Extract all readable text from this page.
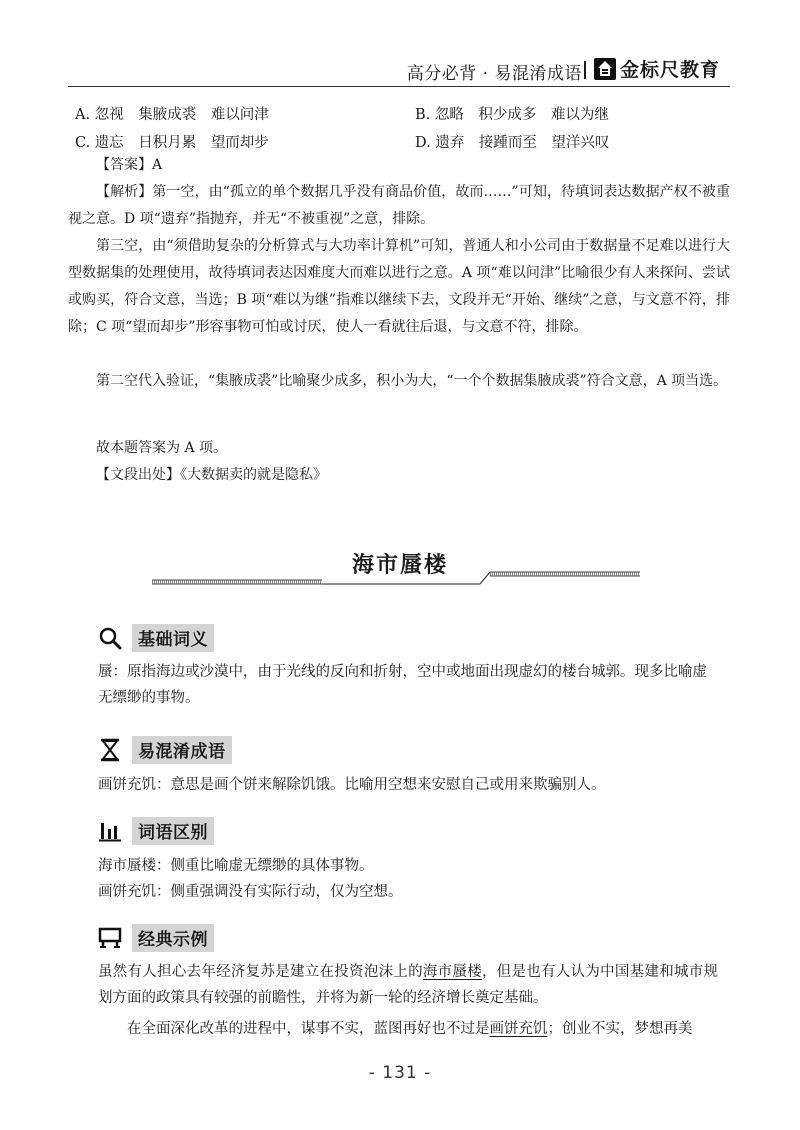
高分必背 · 易混淆成语 金标尺教育
A. 忽视　集腋成裘　难以问津	B. 忽略　积少成多　难以为继
C. 遗忘　日积月累　望而却步	D. 遗弃　接踵而至　望洋兴叹
【答案】A
【解析】第一空，由“孤立的单个数据几乎没有商品价值，故而……”可知，待填词表达数据产权不被重视之意。D 项“遗弃”指抛弃，并无“不被重视”之意，排除。
第三空，由“须借助复杂的分析算式与大功率计算机”可知，普通人和小公司由于数据量不足难以进行大型数据集的处理使用，故待填词表达因难度大而难以进行之意。A 项“难以问津”比喻很少有人来探问、尝试或购买，符合文意，当选；B 项“难以为继”指难以继续下去，文段并无“开始、继续”之意，与文意不符，排除；C 项“望而却步”形容事物可怕或讨厌，使人一看就往后退，与文意不符，排除。
第二空代入验证，“集腋成裘”比喻聚少成多，积小为大，“一个个数据集腋成裘”符合文意，A 项当选。
故本题答案为 A 项。
【文段出处】《大数据卖的就是隐私》
海市蜃楼
基础词义
蜃：原指海边或沙漠中，由于光线的反向和折射，空中或地面出现虚幻的楼台城郭。现多比喻虚无缥缈的事物。
易混淆成语
画饼充饥：意思是画个饼来解除饥饿。比喻用空想来安慰自己或用来欺骗别人。
词语区别
海市蜃楼：侧重比喻虚无缥缈的具体事物。
画饼充饥：侧重强调没有实际行动，仅为空想。
经典示例
虽然有人担心去年经济复苏是建立在投资泡沫上的海市蜃楼，但是也有人认为中国基建和城市规划方面的政策具有较强的前瞻性，并将为新一轮的经济增长奠定基础。
在全面深化改革的进程中，谋事不实，蓝图再好也不过是画饼充饥；创业不实，梦想再美
- 131 -
